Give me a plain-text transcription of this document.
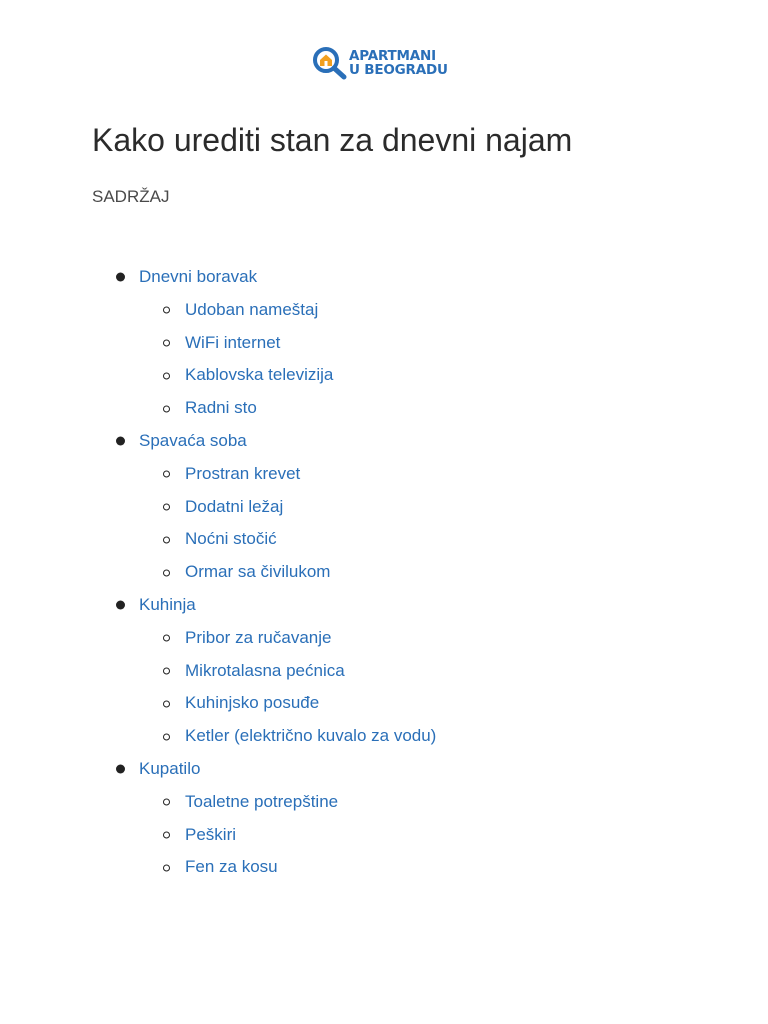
APARTMANI
U BEOGRADU
Kako urediti stan za dnevni najam
SADRŽAJ
Dnevni boravak
Udoban nameštaj
WiFi internet
Kablovska televizija
Radni sto
Spavaća soba
Prostran krevet
Dodatni ležaj
Noćni stočić
Ormar sa čivilukom
Kuhinja
Pribor za ručavanje
Mikrotalasna pećnica
Kuhinjsko posuđe
Ketler (električno kuvalo za vodu)
Kupatilo
Toaletne potrepštine
Peškiri
Fen za kosu
